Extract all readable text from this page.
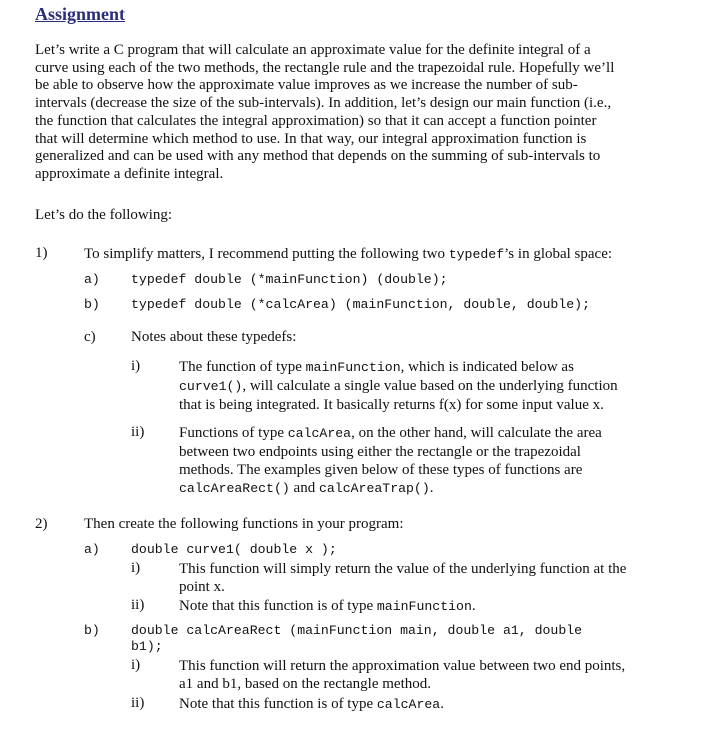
Assignment
Let’s write a C program that will calculate an approximate value for the definite integral of a
curve using each of the two methods, the rectangle rule and the trapezoidal rule. Hopefully we’ll
be able to observe how the approximate value improves as we increase the number of sub-
intervals (decrease the size of the sub-intervals). In addition, let’s design our main function (i.e.,
the function that calculates the integral approximation) so that it can accept a function pointer
that will determine which method to use. In that way, our integral approximation function is
generalized and can be used with any method that depends on the summing of sub-intervals to
approximate a definite integral.
Let’s do the following:
1) To simplify matters, I recommend putting the following two typedef’s in global space:
a) typedef double (*mainFunction) (double);
b) typedef double (*calcArea) (mainFunction, double, double);
c) Notes about these typedefs:
i)	The function of type mainFunction, which is indicated below as
curve1(), will calculate a single value based on the underlying function
that is being integrated. It basically returns f(x) for some input value x.
ii) Functions of type calcArea, on the other hand, will calculate the area
between two endpoints using either the rectangle or the trapezoidal
methods. The examples given below of these types of functions are
calcAreaRect() and calcAreaTrap().
2) Then create the following functions in your program:
a) double curve1( double x );
i)	This function will simply return the value of the underlying function at the
point x.
ii) Note that this function is of type mainFunction.
b) double calcAreaRect (mainFunction main, double a1, double
b1);
i)	This function will return the approximation value between two end points,
a1 and b1, based on the rectangle method.
ii) Note that this function is of type calcArea.
